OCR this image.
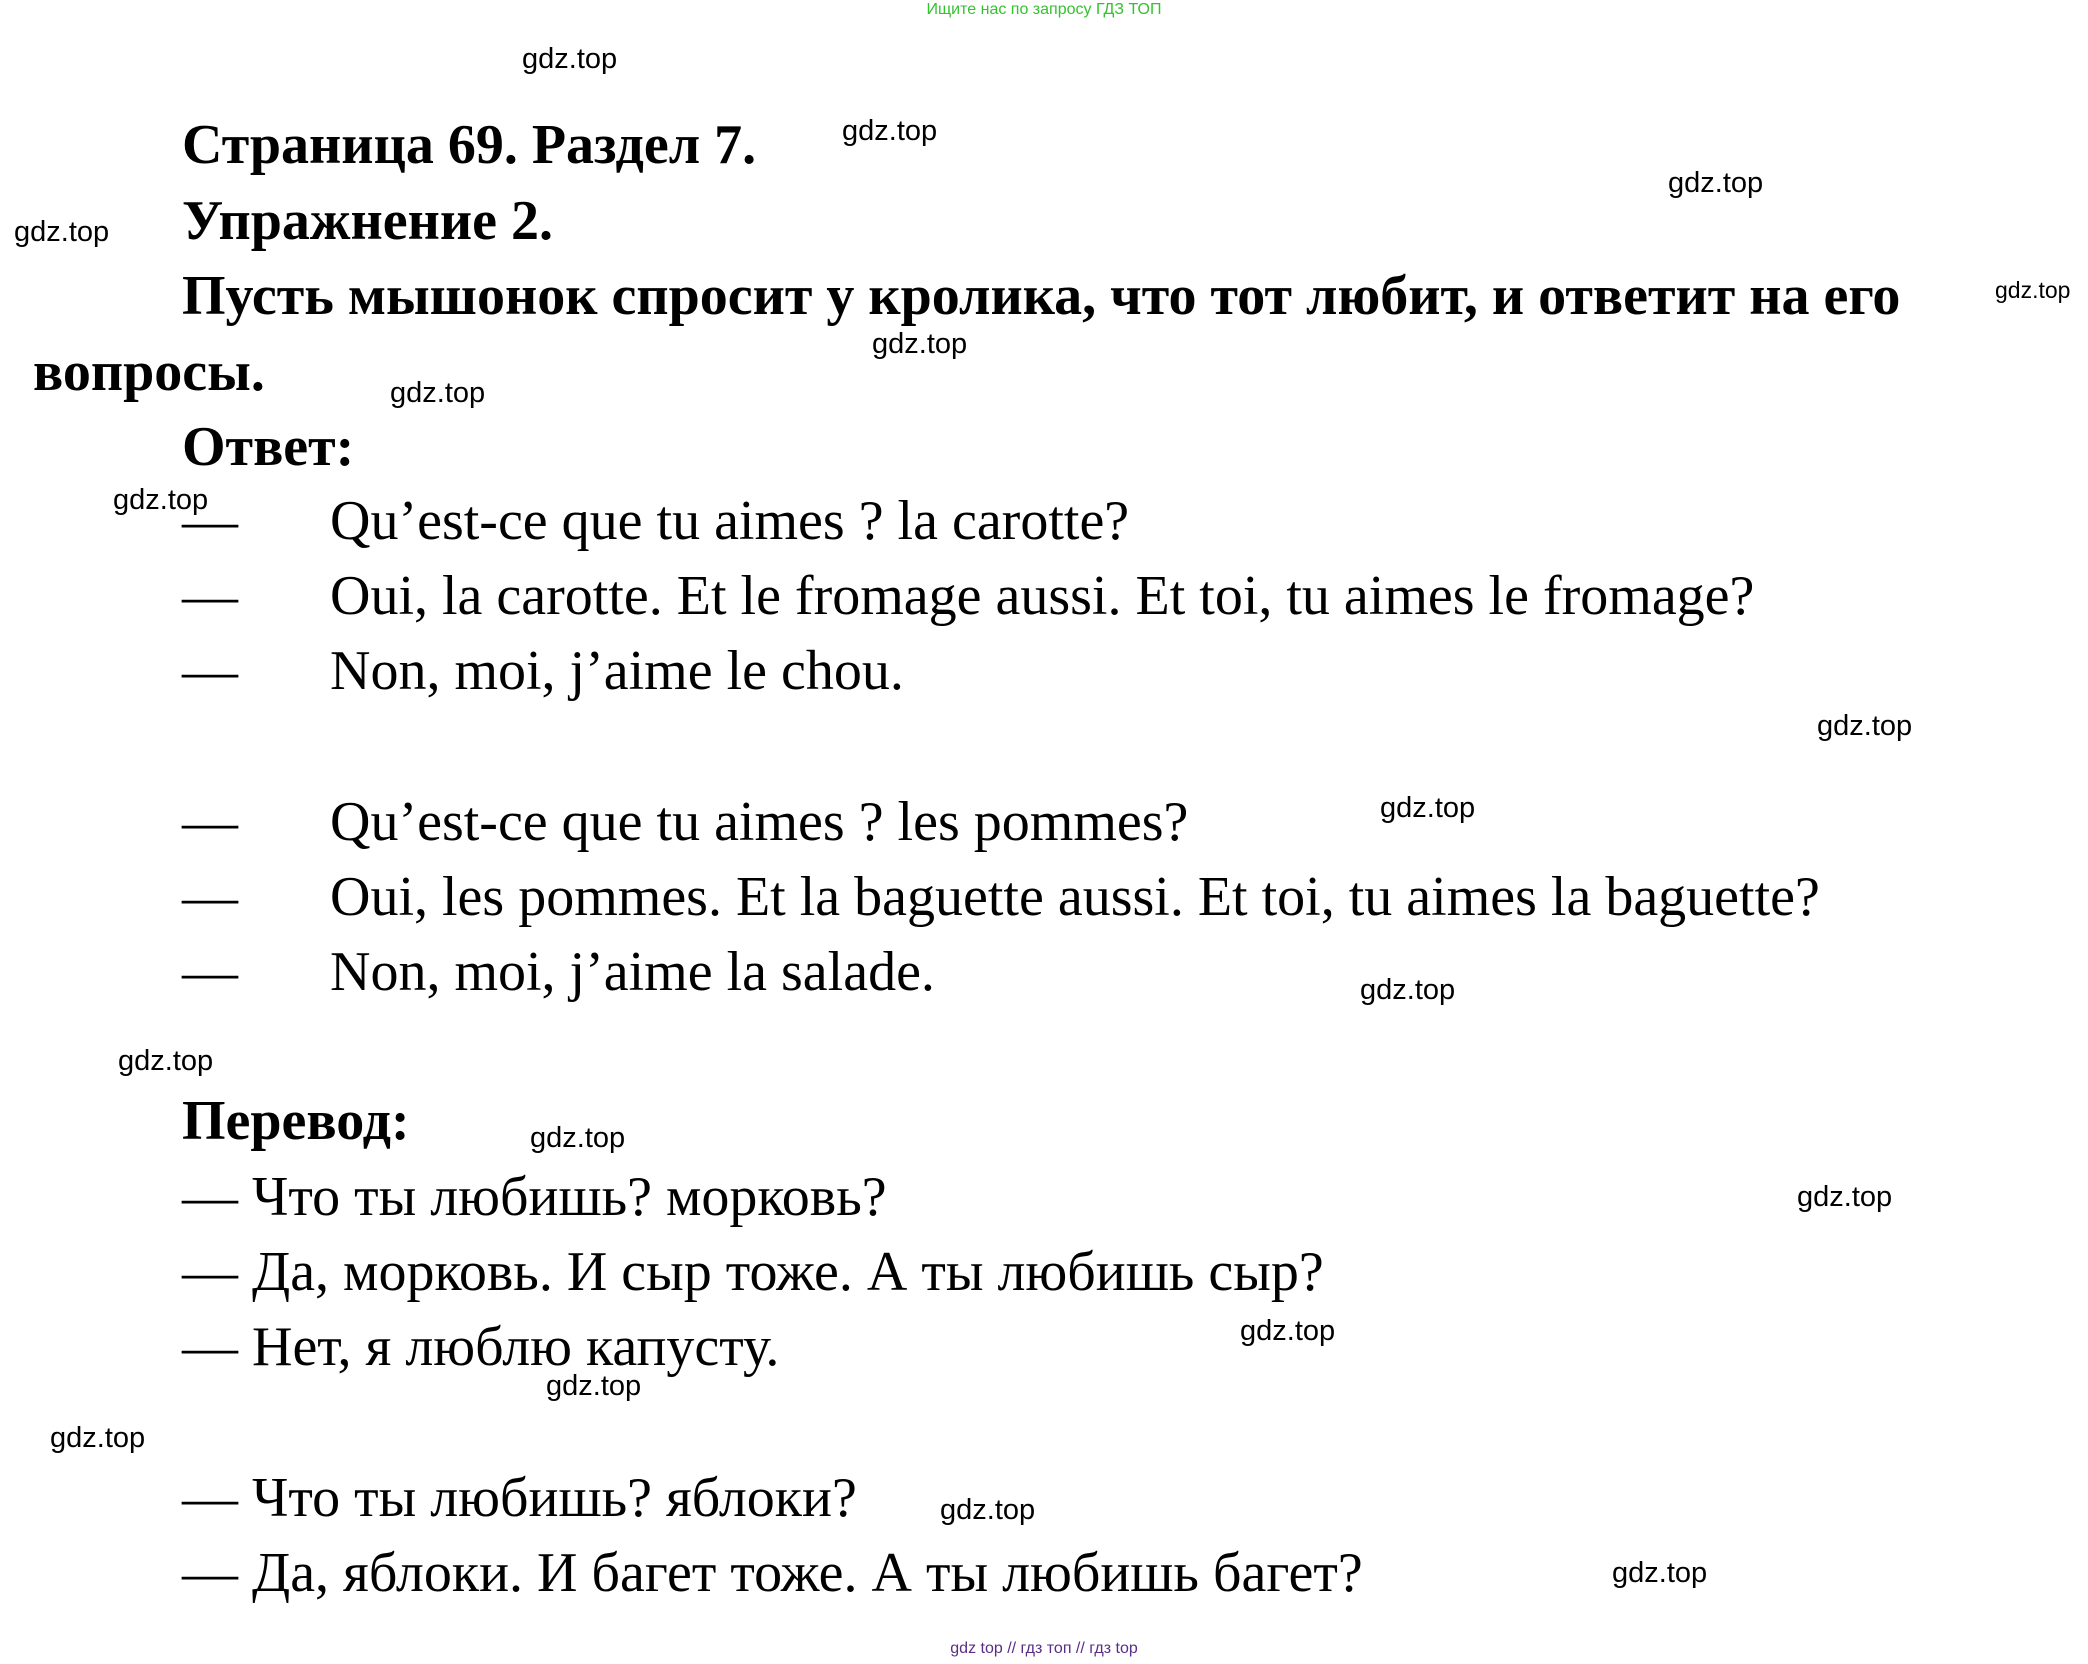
Ищите нас по запросу ГДЗ ТОП
Страница 69. Раздел 7.
Упражнение 2.
Пусть мышонок спросит у кролика, что тот любит, и ответит на его
вопросы.
Ответ:
— Qu’est-ce que tu aimes ? la carotte?
— Oui, la carotte. Et le fromage aussi. Et toi, tu aimes le fromage?
— Non, moi, j’aime le chou.
— Qu’est-ce que tu aimes ? les pommes?
— Oui, les pommes. Et la baguette aussi. Et toi, tu aimes la baguette?
— Non, moi, j’aime la salade.
Перевод:
— Что ты любишь? морковь?
— Да, морковь. И сыр тоже. А ты любишь сыр?
— Нет, я люблю капусту.
— Что ты любишь? яблоки?
— Да, яблоки. И багет тоже. А ты любишь багет?
gdz.top
gdz.top
gdz.top
gdz.top
gdz.top
gdz.top
gdz.top
gdz.top
gdz.top
gdz.top
gdz.top
gdz.top
gdz.top
gdz.top
gdz.top
gdz.top
gdz.top
gdz.top
gdz.top
gdz top // гдз топ // гдз top
